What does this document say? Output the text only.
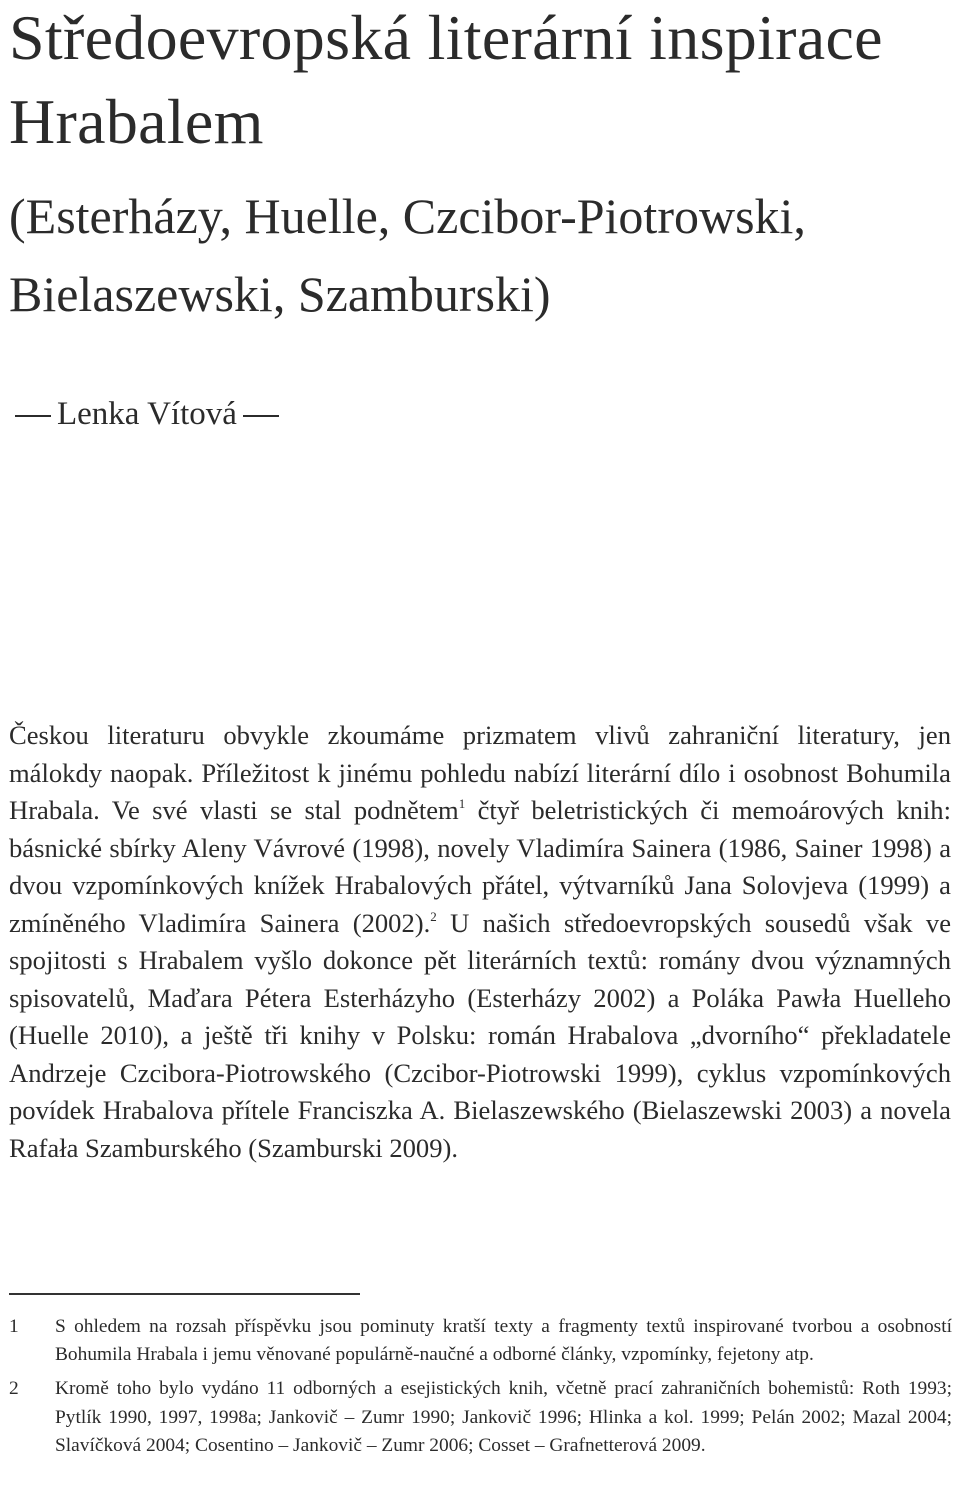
Středoevropská literární inspirace Hrabalem
(Esterházy, Huelle, Czcibor-Piotrowski, Bielaszewski, Szamburski)
Lenka Vítová

Českou literaturu obvykle zkoumáme prizmatem vlivů zahraniční literatury, jen málokdy naopak. Příležitost k jinému pohledu nabízí literární dílo i osobnost Bohumila Hrabala. Ve své vlasti se stal podnětem$^1$ čtyř beletristických či memoárových knih: básnické sbírky Aleny Vávrové (1998), novely Vladimíra Sainera (1986, Sainer 1998) a dvou vzpomínkových knížek Hrabalových přátel, výtvarníků Jana Solovjeva (1999) a zmíněného Vladimíra Sainera (2002).$^2$ U našich středoevropských sousedů však ve spojitosti s Hrabalem vyšlo dokonce pět literárních textů: romány dvou významných spisovatelů, Maďara Pétera Esterházyho (Esterházy 2002) a Poláka Pawła Huelleho (Huelle 2010), a ještě tři knihy v Polsku: román Hrabalova „dvorního“ překladatele Andrzeje Czcibora-Piotrowského (Czcibor-Piotrowski 1999), cyklus vzpomínkových povídek Hrabalova přítele Franciszka A. Bielaszewského (Bielaszewski 2003) a novela Rafała Szamburského (Szamburski 2009).

1 S ohledem na rozsah příspěvku jsou pominuty kratší texty a fragmenty textů inspirované tvorbou a osobností Bohumila Hrabala i jemu věnované populárně-naučné a odborné články, vzpomínky, fejetony atp.
2 Kromě toho bylo vydáno 11 odborných a esejistických knih, včetně prací zahraničních bohemistů: Roth 1993; Pytlík 1990, 1997, 1998a; Jankovič – Zumr 1990; Jankovič 1996; Hlinka a kol. 1999; Pelán 2002; Mazal 2004; Slavíčková 2004; Cosentino – Jankovič – Zumr 2006; Cosset – Grafnetterová 2009.
